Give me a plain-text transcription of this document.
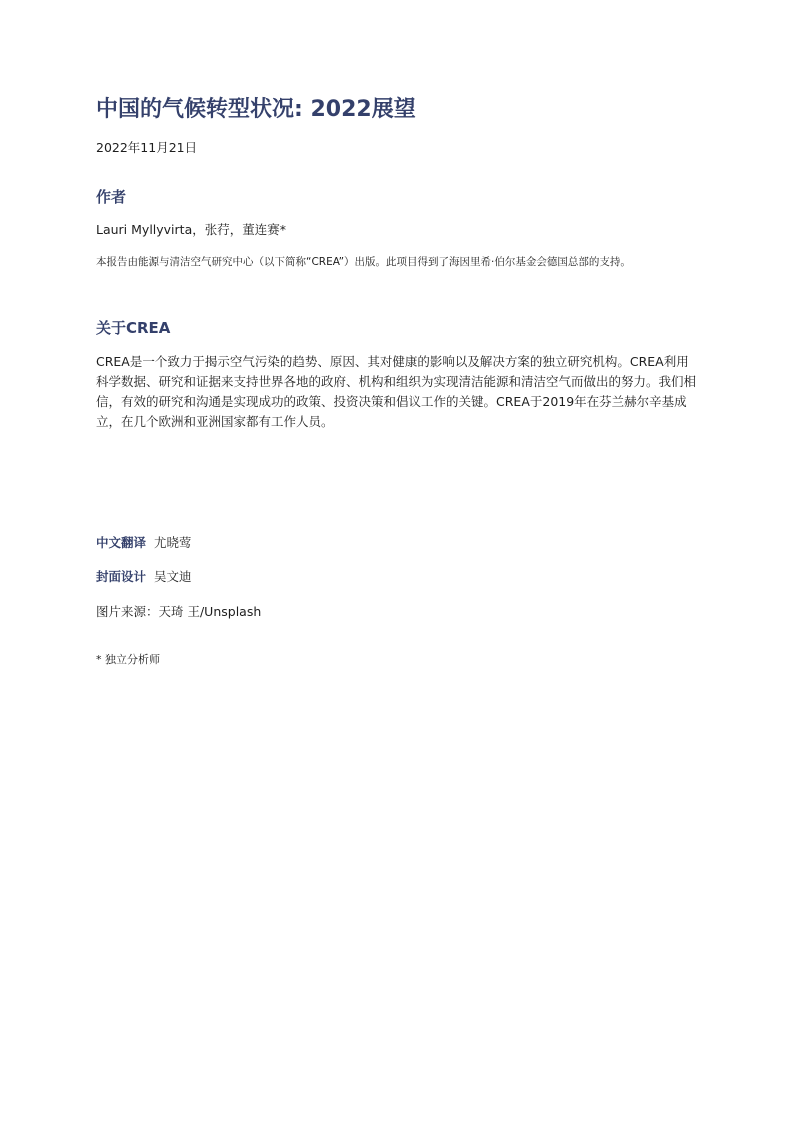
中国的气候转型状况: 2022展望
2022年11月21日
作者
Lauri Myllyvirta，张荇，董连赛*
本报告由能源与清洁空气研究中心（以下简称“CREA”）出版。此项目得到了海因里希·伯尔基金会德国总部的支持。
关于CREA
CREA是一个致力于揭示空气污染的趋势、原因、其对健康的影响以及解决方案的独立研究机构。CREA利用科学数据、研究和证据来支持世界各地的政府、机构和组织为实现清洁能源和清洁空气而做出的努力。我们相信，有效的研究和沟通是实现成功的政策、投资决策和倡议工作的关键。CREA于2019年在芬兰赫尔辛基成立，在几个欧洲和亚洲国家都有工作人员。
中文翻译 尤晓莺
封面设计 吴文迪
图片来源：天琦 王/Unsplash
* 独立分析师
